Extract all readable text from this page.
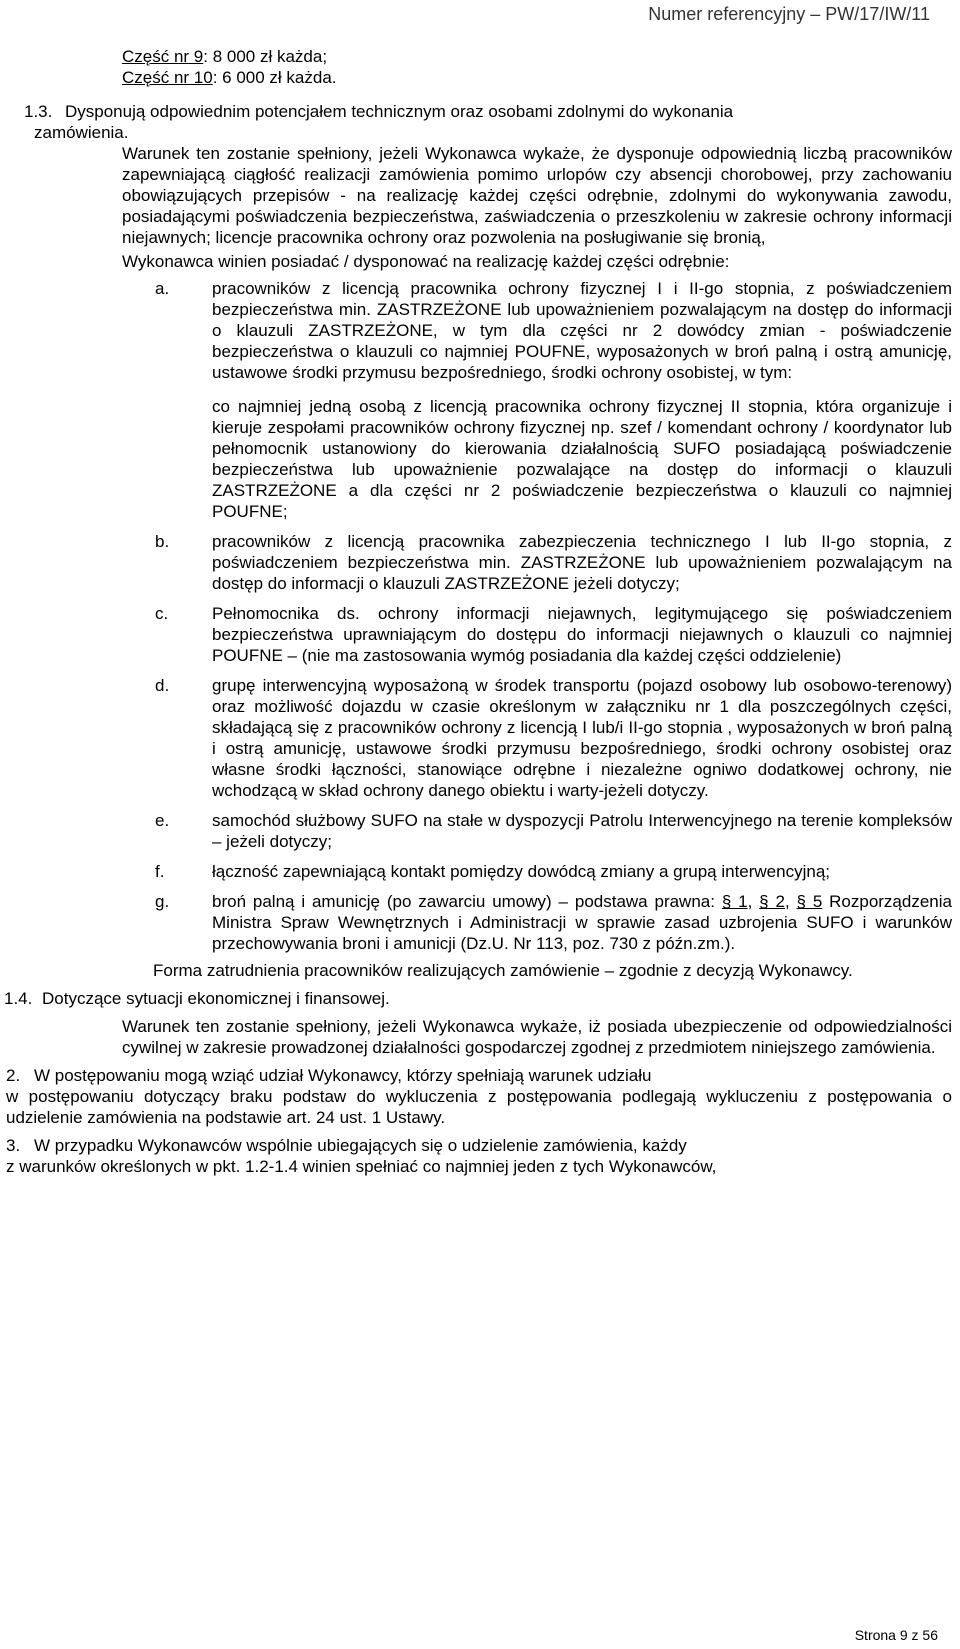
Numer referencyjny – PW/17/IW/11

Część nr 9: 8 000 zł każda;

Część nr 10: 6 000 zł każda.

1.3. Dysponują odpowiednim potencjałem technicznym oraz osobami zdolnymi do wykonania

zamówienia.

Warunek ten zostanie spełniony, jeżeli Wykonawca wykaże, że dysponuje odpowiednią liczbą pracowników zapewniającą ciągłość realizacji zamówienia pomimo urlopów czy absencji chorobowej, przy zachowaniu obowiązujących przepisów - na realizację każdej części odrębnie, zdolnymi do wykonywania zawodu, posiadającymi poświadczenia bezpieczeństwa, zaświadczenia o przeszkoleniu w zakresie ochrony informacji niejawnych; licencje pracownika ochrony oraz pozwolenia na posługiwanie się bronią,

Wykonawca winien posiadać / dysponować na realizację każdej części odrębnie:

a.	pracowników z licencją pracownika ochrony fizycznej I i II-go stopnia, z poświadczeniem bezpieczeństwa min. ZASTRZEŻONE lub upoważnieniem pozwalającym na dostęp do informacji o klauzuli ZASTRZEŻONE, w tym dla części nr 2 dowódcy zmian - poświadczenie bezpieczeństwa o klauzuli co najmniej POUFNE, wyposażonych w broń palną i ostrą amunicję, ustawowe środki przymusu bezpośredniego, środki ochrony osobistej, w tym:

co najmniej jedną osobą z licencją pracownika ochrony fizycznej II stopnia, która organizuje i kieruje zespołami pracowników ochrony fizycznej np. szef / komendant ochrony / koordynator lub pełnomocnik ustanowiony do kierowania działalnością SUFO posiadającą poświadczenie bezpieczeństwa lub upoważnienie pozwalające na dostęp do informacji o klauzuli ZASTRZEŻONE a dla części nr 2 poświadczenie bezpieczeństwa o klauzuli co najmniej POUFNE;

b.	pracowników z licencją pracownika zabezpieczenia technicznego I lub II-go stopnia, z poświadczeniem bezpieczeństwa min. ZASTRZEŻONE lub upoważnieniem pozwalającym na dostęp do informacji o klauzuli ZASTRZEŻONE jeżeli dotyczy;
c.	Pełnomocnika ds. ochrony informacji niejawnych, legitymującego się poświadczeniem bezpieczeństwa uprawniającym do dostępu do informacji niejawnych o klauzuli co najmniej POUFNE – (nie ma zastosowania wymóg posiadania dla każdej części oddzielenie)
d.	grupę interwencyjną wyposażoną w środek transportu (pojazd osobowy lub osobowo-terenowy) oraz możliwość dojazdu w czasie określonym w załączniku nr 1 dla poszczególnych części, składającą się z pracowników ochrony z licencją I lub/i II-go stopnia , wyposażonych w broń palną i ostrą amunicję, ustawowe środki przymusu bezpośredniego, środki ochrony osobistej oraz własne środki łączności, stanowiące odrębne i niezależne ogniwo dodatkowej ochrony, nie wchodzącą w skład ochrony danego obiektu i warty-jeżeli dotyczy.
e.	samochód służbowy SUFO na stałe w dyspozycji Patrolu Interwencyjnego na terenie kompleksów – jeżeli dotyczy;
f.	łączność zapewniającą kontakt pomiędzy dowódcą zmiany a grupą interwencyjną;
g.	broń palną i amunicję (po zawarciu umowy) – podstawa prawna: § 1, § 2, § 5 Rozporządzenia Ministra Spraw Wewnętrznych i Administracji w sprawie zasad uzbrojenia SUFO i warunków przechowywania broni i amunicji (Dz.U. Nr 113, poz. 730 z późn.zm.).

Forma zatrudnienia pracowników realizujących zamówienie – zgodnie z decyzją Wykonawcy.

1.4. Dotyczące sytuacji ekonomicznej i finansowej.

Warunek ten zostanie spełniony, jeżeli Wykonawca wykaże, iż posiada ubezpieczenie od odpowiedzialności cywilnej w zakresie prowadzonej działalności gospodarczej zgodnej z przedmiotem niniejszego zamówienia.

2. W postępowaniu mogą wziąć udział Wykonawcy, którzy spełniają warunek udziału

w postępowaniu dotyczący braku podstaw do wykluczenia z postępowania podlegają wykluczeniu z postępowania o udzielenie zamówienia na podstawie art. 24 ust. 1 Ustawy.

3. W przypadku Wykonawców wspólnie ubiegających się o udzielenie zamówienia, każdy

z warunków określonych w pkt. 1.2-1.4 winien spełniać co najmniej jeden z tych Wykonawców,

Strona 9 z 56
